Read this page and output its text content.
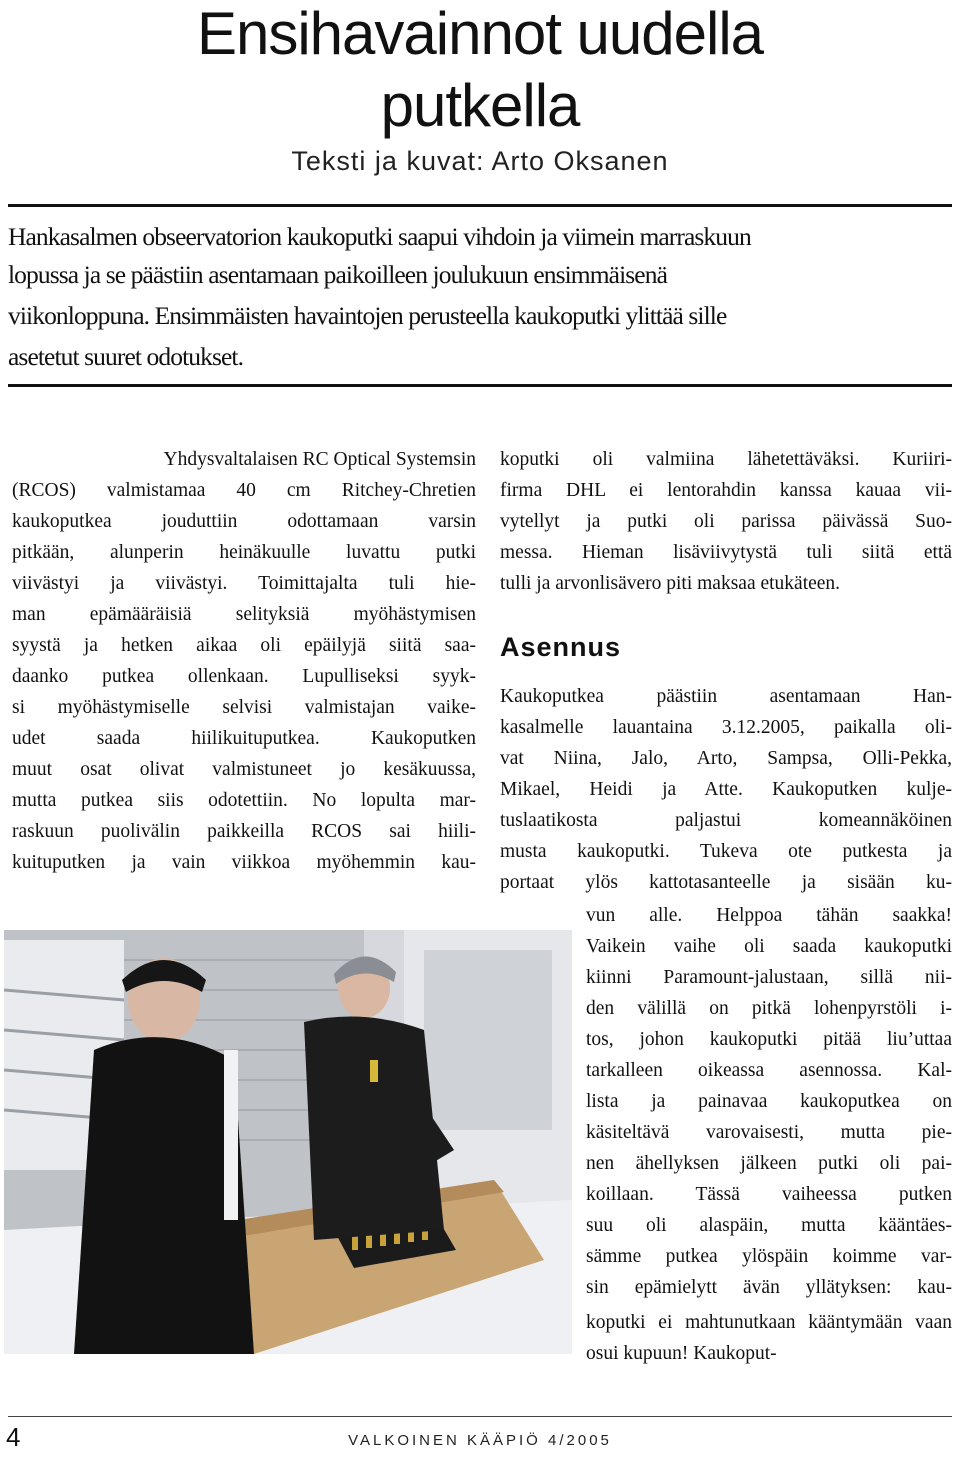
Ensihavainnot uudella
putkella
Teksti ja kuvat: Arto Oksanen
Hankasalmen obseervatorion kaukoputki saapui vihdoin ja viimein marraskuun
lopussa ja se päästiin asentamaan paikoilleen joulukuun ensimmäisenä
viikonloppuna. Ensimmäisten havaintojen perusteella kaukoputki ylittää sille
asetetut suuret odotukset.
Yhdysvaltalaisen RC Optical Systemsin
(RCOS) valmistamaa 40 cm Ritchey-Chretien
kaukoputkea jouduttiin odottamaan varsin
pitkään, alunperin heinäkuulle luvattu putki
viivästyi ja viivästyi. Toimittajalta tuli hie-
man epämääräisiä selityksiä myöhästymisen
syystä ja hetken aikaa oli epäilyjä siitä saa-
daanko putkea ollenkaan. Lupulliseksi syyk-
si myöhästymiselle selvisi valmistajan vaike-
udet saada hiilikuituputkea. Kaukoputken
muut osat olivat valmistuneet jo kesäkuussa,
mutta putkea siis odotettiin. No lopulta mar-
raskuun puolivälin paikkeilla RCOS sai hiili-
kuituputken ja vain viikkoa myöhemmin kau-
koputki oli valmiina lähetettäväksi. Kuriiri-
firma DHL ei lentorahdin kanssa kauaa vii-
vytellyt ja putki oli parissa päivässä Suo-
messa. Hieman lisäviivytystä tuli siitä että
tulli ja arvonlisävero piti maksaa etukäteen.
Asennus
Kaukoputkea päästiin asentamaan Han-
kasalmelle lauantaina 3.12.2005, paikalla oli-
vat Niina, Jalo, Arto, Sampsa, Olli-Pekka,
Mikael, Heidi ja Atte. Kaukoputken kulje-
tuslaatikosta paljastui komeannäköinen
musta kaukoputki. Tukeva ote putkesta ja
portaat ylös kattotasanteelle ja sisään ku-
vun alle. Helppoa tähän saakka!
Vaikein vaihe oli saada kaukoputki
kiinni Paramount-jalustaan, sillä nii-
den välillä on pitkä lohenpyrstöli i-
tos, johon kaukoputki pitää liu’uttaa
tarkalleen oikeassa asennossa. Kal-
lista ja painavaa kaukoputkea on
käsiteltävä varovaisesti, mutta pie-
nen ähellyksen jälkeen putki oli pai-
koillaan. Tässä vaiheessa putken
suu oli alaspäin, mutta kääntäes-
sämme putkea ylöspäin koimme var-
sin epämielytt ävän yllätyksen: kau-
koputki ei mahtunutkaan kääntymään vaan osui kupuun! Kaukoput-
4	VALKOINEN KÄÄPIÖ 4/2005
